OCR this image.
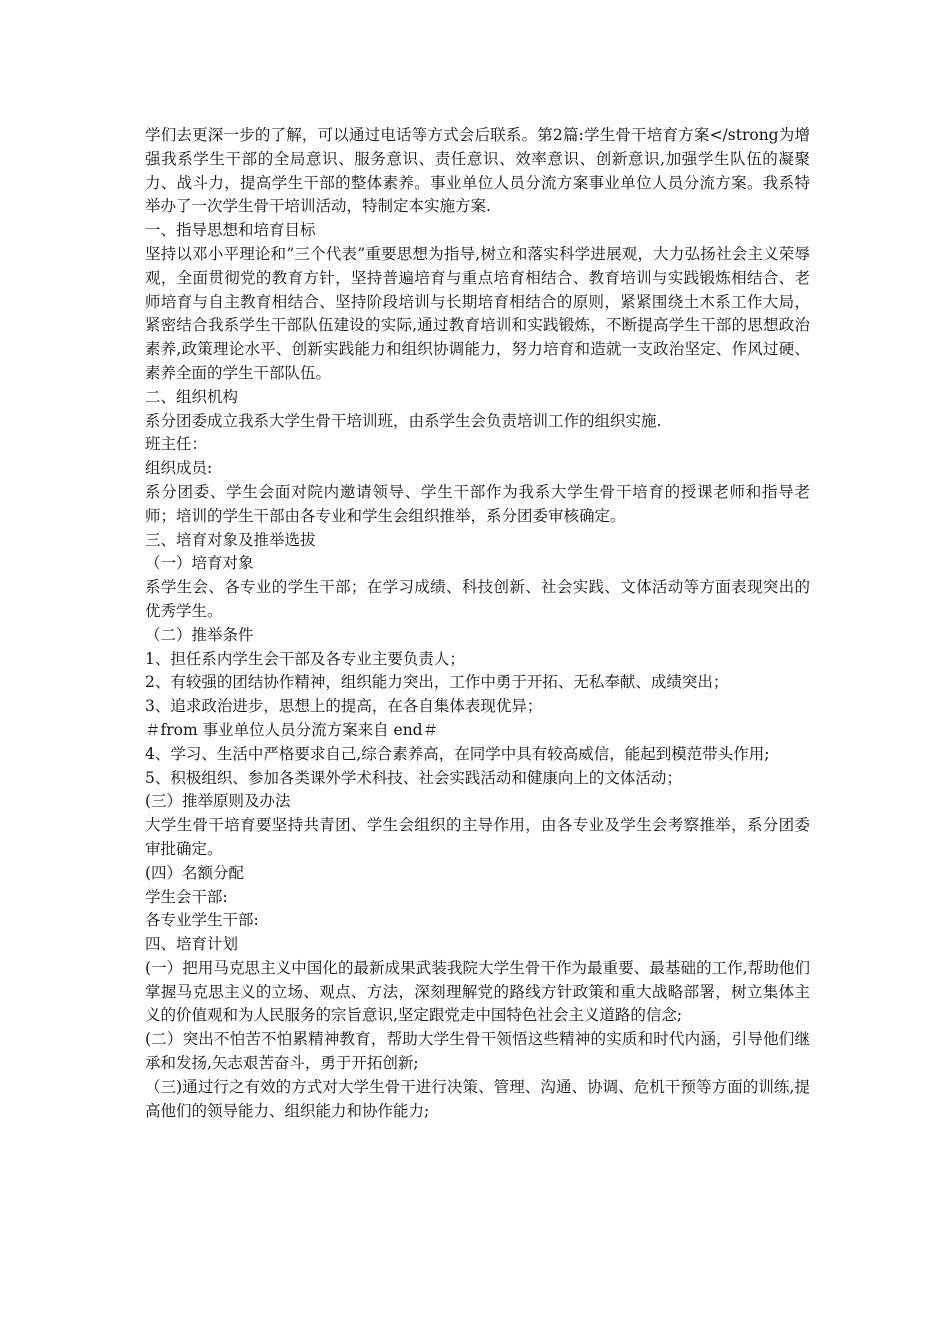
学们去更深一步的了解，可以通过电话等方式会后联系。第2篇:学生骨干培育方案</strong为增强我系学生干部的全局意识、服务意识、责任意识、效率意识、创新意识,加强学生队伍的凝聚力、战斗力，提高学生干部的整体素养。事业单位人员分流方案事业单位人员分流方案。我系特举办了一次学生骨干培训活动，特制定本实施方案.

一、指导思想和培育目标

坚持以邓小平理论和”三个代表”重要思想为指导,树立和落实科学进展观，大力弘扬社会主义荣辱观，全面贯彻党的教育方针，坚持普遍培育与重点培育相结合、教育培训与实践锻炼相结合、老师培育与自主教育相结合、坚持阶段培训与长期培育相结合的原则，紧紧围绕土木系工作大局，紧密结合我系学生干部队伍建设的实际,通过教育培训和实践锻炼，不断提高学生干部的思想政治素养,政策理论水平、创新实践能力和组织协调能力，努力培育和造就一支政治坚定、作风过硬、素养全面的学生干部队伍。

二、组织机构

系分团委成立我系大学生骨干培训班，由系学生会负责培训工作的组织实施.

班主任：

组织成员:

系分团委、学生会面对院内邀请领导、学生干部作为我系大学生骨干培育的授课老师和指导老师；培训的学生干部由各专业和学生会组织推举，系分团委审核确定。

三、培育对象及推举选拔

（一）培育对象

系学生会、各专业的学生干部；在学习成绩、科技创新、社会实践、文体活动等方面表现突出的优秀学生。

（二）推举条件

1、担任系内学生会干部及各专业主要负责人；

2、有较强的团结协作精神，组织能力突出，工作中勇于开拓、无私奉献、成绩突出；

3、追求政治进步，思想上的提高，在各自集体表现优异；

＃from 事业单位人员分流方案来自 end＃

4、学习、生活中严格要求自己,综合素养高，在同学中具有较高威信，能起到模范带头作用;

5、积极组织、参加各类课外学术科技、社会实践活动和健康向上的文体活动；

(三）推举原则及办法

大学生骨干培育要坚持共青团、学生会组织的主导作用，由各专业及学生会考察推举，系分团委审批确定。

(四）名额分配

学生会干部:

各专业学生干部:

四、培育计划

(一）把用马克思主义中国化的最新成果武装我院大学生骨干作为最重要、最基础的工作,帮助他们掌握马克思主义的立场、观点、方法，深刻理解党的路线方针政策和重大战略部署，树立集体主义的价值观和为人民服务的宗旨意识,坚定跟党走中国特色社会主义道路的信念;

(二）突出不怕苦不怕累精神教育，帮助大学生骨干领悟这些精神的实质和时代内涵，引导他们继承和发扬,矢志艰苦奋斗，勇于开拓创新;

（三)通过行之有效的方式对大学生骨干进行决策、管理、沟通、协调、危机干预等方面的训练,提高他们的领导能力、组织能力和协作能力;
